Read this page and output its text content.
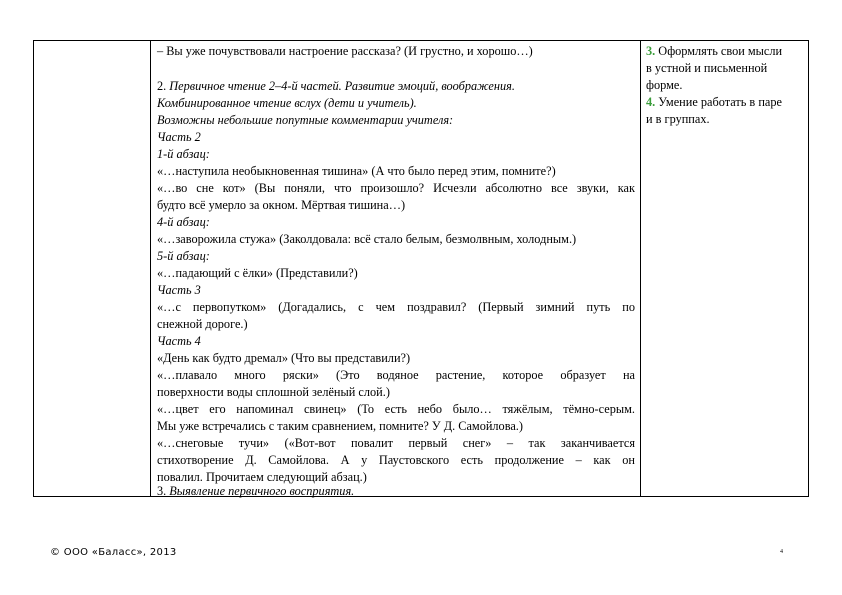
– Вы уже почувствовали настроение рассказа? (И грустно, и хорошо…)
2. Первичное чтение 2–4-й частей. Развитие эмоций, воображения.
Комбинированное чтение вслух (дети и учитель).
Возможны небольшие попутные комментарии учителя:
Часть 2
1-й абзац:
«…наступила необыкновенная тишина» (А что было перед этим, помните?)
«…во сне кот» (Вы поняли, что произошло? Исчезли абсолютно все звуки, как
будто всё умерло за окном. Мёртвая тишина…)
4-й абзац:
«…заворожила стужа» (Заколдовала: всё стало белым, безмолвным, холодным.)
5-й абзац:
«…падающий с ёлки» (Представили?)
Часть 3
«…с первопутком» (Догадались, с чем поздравил? (Первый зимний путь по
снежной дороге.)
Часть 4
«День как будто дремал» (Что вы представили?)
«…плавало много ряски» (Это водяное растение, которое образует на
поверхности воды сплошной зелёный слой.)
«…цвет его напоминал свинец» (То есть небо было… тяжёлым, тёмно-серым.
Мы уже встречались с таким сравнением, помните? У Д. Самойлова.)
«…снеговые тучи» («Вот-вот повалит первый снег» – так заканчивается
стихотворение Д. Самойлова. А у Паустовского есть продолжение – как он
повалил. Прочитаем следующий абзац.)
3. Выявление первичного восприятия.
3. Оформлять свои мысли
в устной и письменной
форме.
4. Умение работать в паре
и в группах.
© ООО «Баласс», 2013	4
